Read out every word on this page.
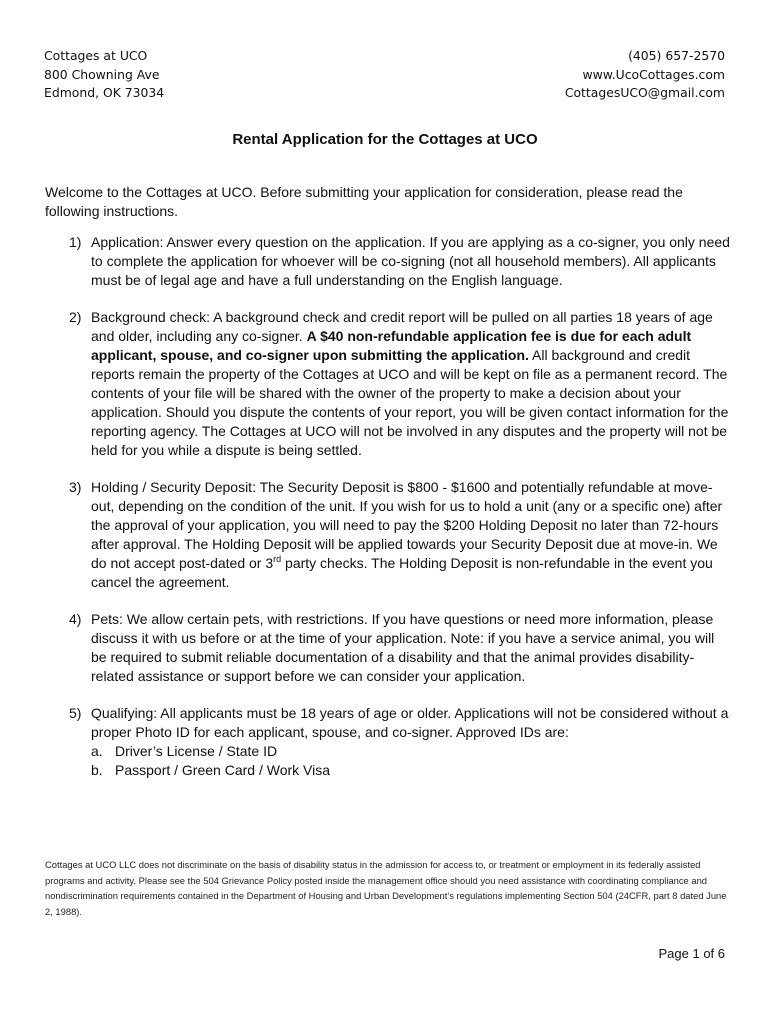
Cottages at UCO
800 Chowning Ave
Edmond, OK 73034
(405) 657-2570
www.UcoCottages.com
CottagesUCO@gmail.com
Rental Application for the Cottages at UCO
Welcome to the Cottages at UCO. Before submitting your application for consideration, please read the following instructions.
1) Application: Answer every question on the application. If you are applying as a co-signer, you only need to complete the application for whoever will be co-signing (not all household members). All applicants must be of legal age and have a full understanding on the English language.
2) Background check: A background check and credit report will be pulled on all parties 18 years of age and older, including any co-signer. A $40 non-refundable application fee is due for each adult applicant, spouse, and co-signer upon submitting the application. All background and credit reports remain the property of the Cottages at UCO and will be kept on file as a permanent record. The contents of your file will be shared with the owner of the property to make a decision about your application. Should you dispute the contents of your report, you will be given contact information for the reporting agency. The Cottages at UCO will not be involved in any disputes and the property will not be held for you while a dispute is being settled.
3) Holding / Security Deposit: The Security Deposit is $800 - $1600 and potentially refundable at move-out, depending on the condition of the unit. If you wish for us to hold a unit (any or a specific one) after the approval of your application, you will need to pay the $200 Holding Deposit no later than 72-hours after approval. The Holding Deposit will be applied towards your Security Deposit due at move-in. We do not accept post-dated or 3rd party checks. The Holding Deposit is non-refundable in the event you cancel the agreement.
4) Pets: We allow certain pets, with restrictions. If you have questions or need more information, please discuss it with us before or at the time of your application. Note: if you have a service animal, you will be required to submit reliable documentation of a disability and that the animal provides disability-related assistance or support before we can consider your application.
5) Qualifying: All applicants must be 18 years of age or older. Applications will not be considered without a proper Photo ID for each applicant, spouse, and co-signer. Approved IDs are:
a. Driver’s License / State ID
b. Passport / Green Card / Work Visa
Cottages at UCO LLC does not discriminate on the basis of disability status in the admission for access to, or treatment or employment in its federally assisted programs and activity. Please see the 504 Grievance Policy posted inside the management office should you need assistance with coordinating compliance and nondiscrimination requirements contained in the Department of Housing and Urban Development’s regulations implementing Section 504 (24CFR, part 8 dated June 2, 1988).
Page 1 of 6
